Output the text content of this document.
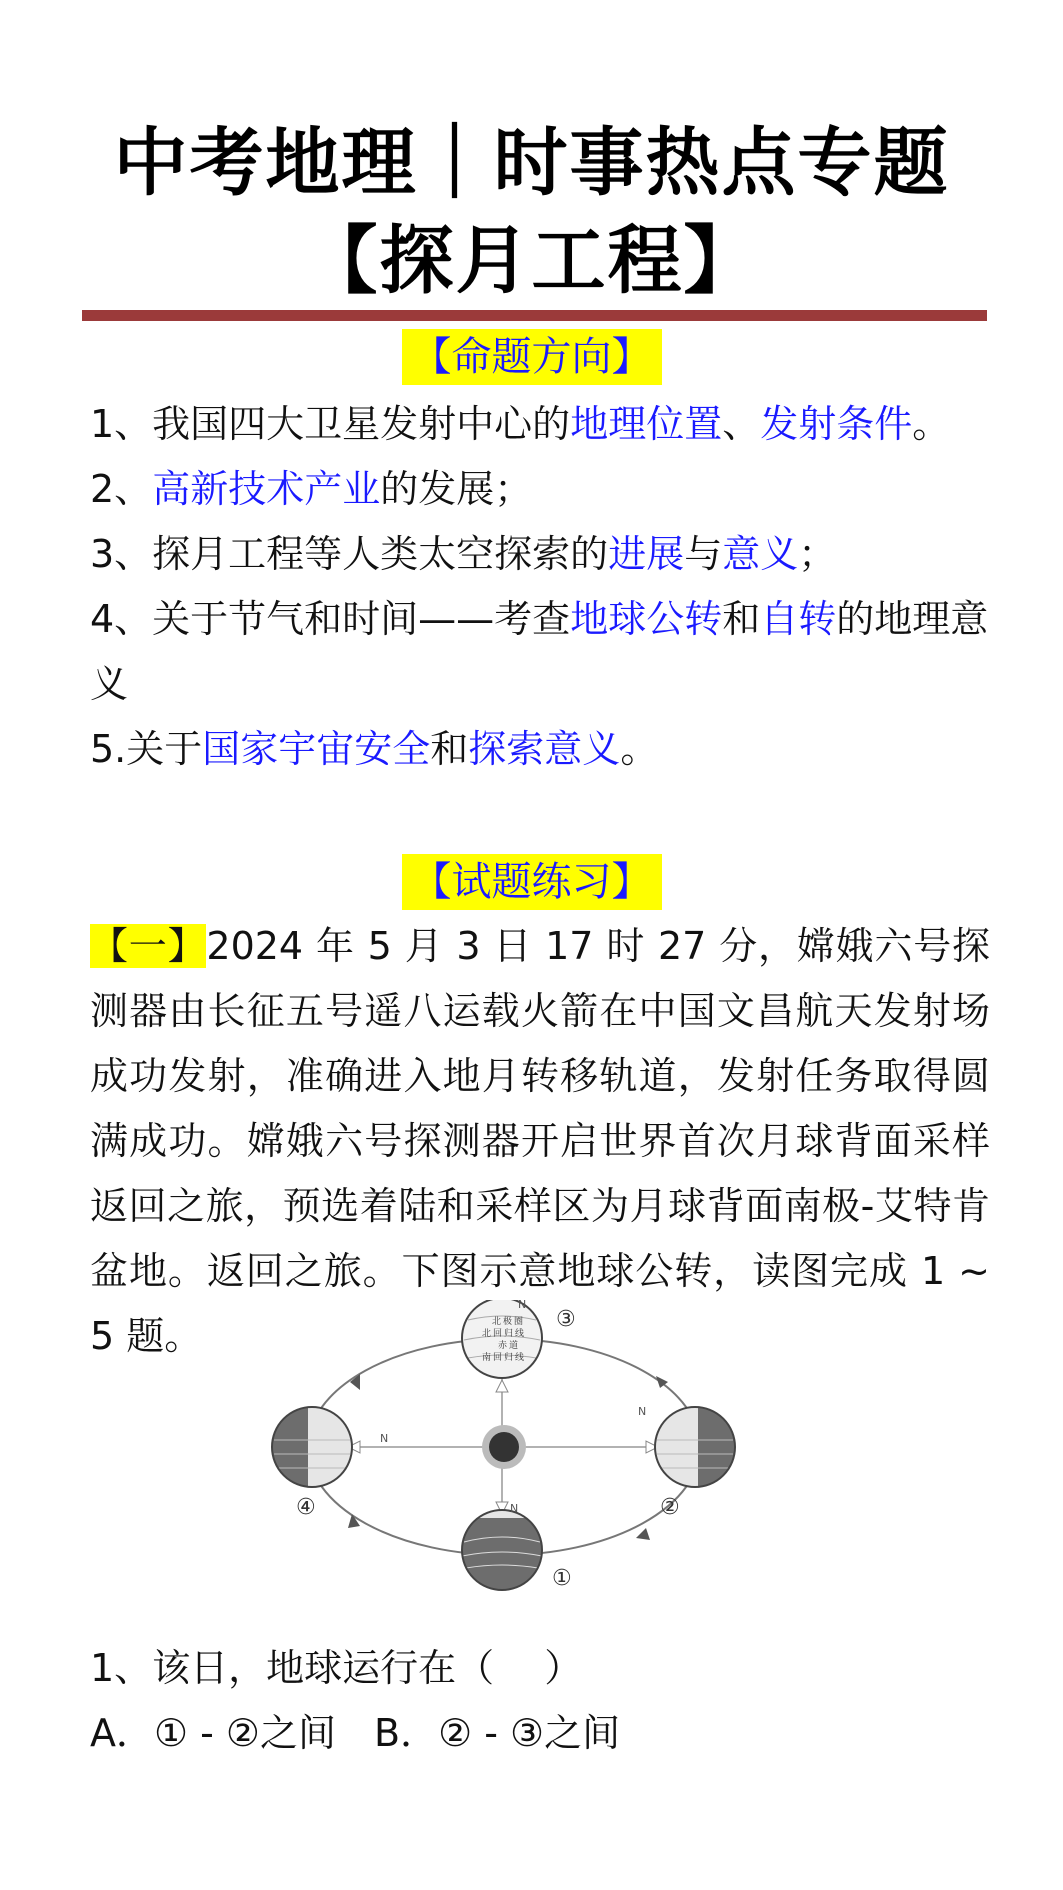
中考地理｜时事热点专题
【探月工程】
【命题方向】
1、我国四大卫星发射中心的地理位置、发射条件。
2、高新技术产业的发展；
3、探月工程等人类太空探索的进展与意义；
4、关于节气和时间——考查地球公转和自转的地理意义
5.关于国家宇宙安全和探索意义。
【试题练习】
【一】2024 年 5 月 3 日 17 时 27 分，嫦娥六号探测器由长征五号遥八运载火箭在中国文昌航天发射场成功发射，准确进入地月转移轨道，发射任务取得圆满成功。嫦娥六号探测器开启世界首次月球背面采样返回之旅，预选着陆和采样区为月球背面南极-艾特肯盆地。返回之旅。下图示意地球公转，读图完成 1 ~ 5 题。	北 极 圈
北 回 归 线
赤 道
南 回 归 线
N
N
N
N
①
②
③
④
1、该日，地球运行在（　 ）
A．① - ②之间　B．② - ③之间
